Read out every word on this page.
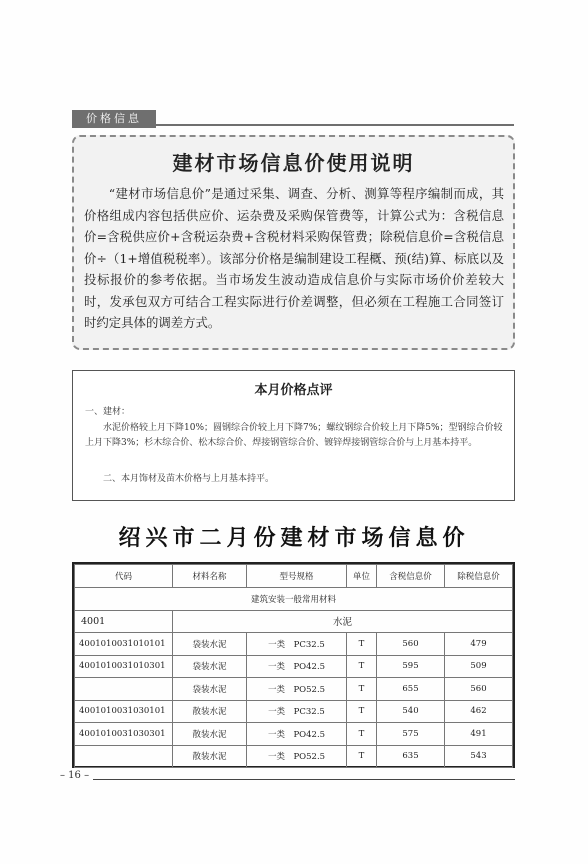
价格信息
建材市场信息价使用说明

“建材市场信息价”是通过采集、调查、分析、测算等程序编制而成，其价格组成内容包括供应价、运杂费及采购保管费等，计算公式为：含税信息价=含税供应价+含税运杂费+含税材料采购保管费；除税信息价=含税信息价÷（1+增值税税率）。该部分价格是编制建设工程概、预(结)算、标底以及投标报价的参考依据。当市场发生波动造成信息价与实际市场价价差较大时，发承包双方可结合工程实际进行价差调整，但必须在工程施工合同签订时约定具体的调差方式。

本月价格点评

一、建材：

水泥价格较上月下降10%；圆钢综合价较上月下降7%；螺纹钢综合价较上月下降5%；型钢综合价较上月下降3%；杉木综合价、松木综合价、焊接钢管综合价、镀锌焊接钢管综合价与上月基本持平。

二、本月饰材及苗木价格与上月基本持平。

绍兴市二月份建材市场信息价
代码	材料名称	型号规格	单位	含税信息价	除税信息价
建筑安装一般常用材料					
4001	水泥				
4001010031010101	袋装水泥	一类　PC32.5	T	560	479
4001010031010301	袋装水泥	一类　PO42.5	T	595	509
	袋装水泥	一类　PO52.5	T	655	560
4001010031030101	散装水泥	一类　PC32.5	T	540	462
4001010031030301	散装水泥	一类　PO42.5	T	575	491
	散装水泥	一类　PO52.5	T	635	543
– 16 –
